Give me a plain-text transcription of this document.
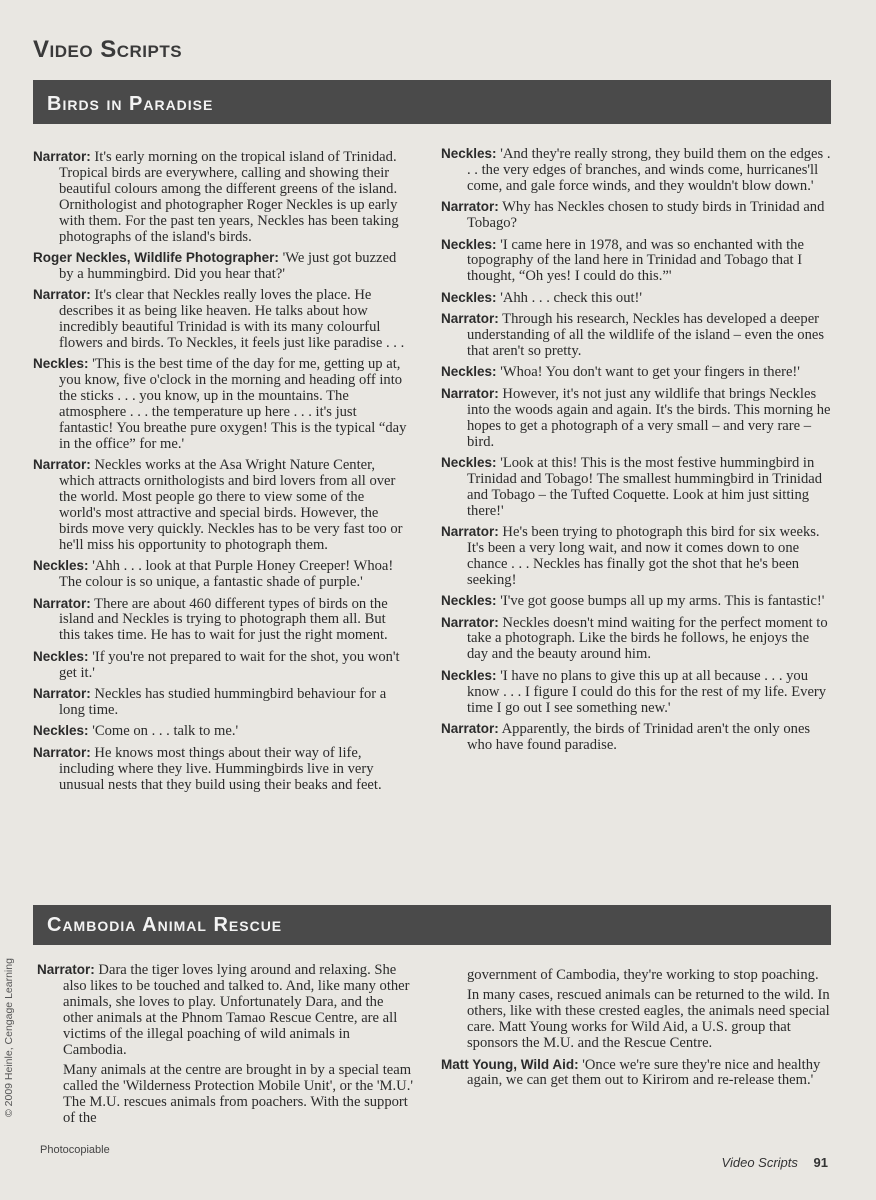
Video Scripts
Birds in Paradise

Narrator: It's early morning on the tropical island of Trinidad. Tropical birds are everywhere, calling and showing their beautiful colours among the different greens of the island. Ornithologist and photographer Roger Neckles is up early with them. For the past ten years, Neckles has been taking photographs of the island's birds.

Roger Neckles, Wildlife Photographer: 'We just got buzzed by a hummingbird. Did you hear that?'

Narrator: It's clear that Neckles really loves the place. He describes it as being like heaven. He talks about how incredibly beautiful Trinidad is with its many colourful flowers and birds. To Neckles, it feels just like paradise . . .

Neckles: 'This is the best time of the day for me, getting up at, you know, five o'clock in the morning and heading off into the sticks . . . you know, up in the mountains. The atmosphere . . . the temperature up here . . . it's just fantastic! You breathe pure oxygen! This is the typical “day in the office” for me.'

Narrator: Neckles works at the Asa Wright Nature Center, which attracts ornithologists and bird lovers from all over the world. Most people go there to view some of the world's most attractive and special birds. However, the birds move very quickly. Neckles has to be very fast too or he'll miss his opportunity to photograph them.

Neckles: 'Ahh . . . look at that Purple Honey Creeper! Whoa! The colour is so unique, a fantastic shade of purple.'

Narrator: There are about 460 different types of birds on the island and Neckles is trying to photograph them all. But this takes time. He has to wait for just the right moment.

Neckles: 'If you're not prepared to wait for the shot, you won't get it.'

Narrator: Neckles has studied hummingbird behaviour for a long time.

Neckles: 'Come on . . . talk to me.'

Narrator: He knows most things about their way of life, including where they live. Hummingbirds live in very unusual nests that they build using their beaks and feet.

Neckles: 'And they're really strong, they build them on the edges . . . the very edges of branches, and winds come, hurricanes'll come, and gale force winds, and they wouldn't blow down.'

Narrator: Why has Neckles chosen to study birds in Trinidad and Tobago?

Neckles: 'I came here in 1978, and was so enchanted with the topography of the land here in Trinidad and Tobago that I thought, “Oh yes! I could do this.”'

Neckles: 'Ahh . . . check this out!'

Narrator: Through his research, Neckles has developed a deeper understanding of all the wildlife of the island – even the ones that aren't so pretty.

Neckles: 'Whoa! You don't want to get your fingers in there!'

Narrator: However, it's not just any wildlife that brings Neckles into the woods again and again. It's the birds. This morning he hopes to get a photograph of a very small – and very rare – bird.

Neckles: 'Look at this! This is the most festive hummingbird in Trinidad and Tobago! The smallest hummingbird in Trinidad and Tobago – the Tufted Coquette. Look at him just sitting there!'

Narrator: He's been trying to photograph this bird for six weeks. It's been a very long wait, and now it comes down to one chance . . . Neckles has finally got the shot that he's been seeking!

Neckles: 'I've got goose bumps all up my arms. This is fantastic!'

Narrator: Neckles doesn't mind waiting for the perfect moment to take a photograph. Like the birds he follows, he enjoys the day and the beauty around him.

Neckles: 'I have no plans to give this up at all because . . . you know . . . I figure I could do this for the rest of my life. Every time I go out I see something new.'

Narrator: Apparently, the birds of Trinidad aren't the only ones who have found paradise.

Cambodia Animal Rescue

Narrator: Dara the tiger loves lying around and relaxing. She also likes to be touched and talked to. And, like many other animals, she loves to play. Unfortunately Dara, and the other animals at the Phnom Tamao Rescue Centre, are all victims of the illegal poaching of wild animals in Cambodia.

Many animals at the centre are brought in by a special team called the 'Wilderness Protection Mobile Unit', or the 'M.U.' The M.U. rescues animals from poachers. With the support of the

government of Cambodia, they're working to stop poaching.

In many cases, rescued animals can be returned to the wild. In others, like with these crested eagles, the animals need special care. Matt Young works for Wild Aid, a U.S. group that sponsors the M.U. and the Rescue Centre.

Matt Young, Wild Aid: 'Once we're sure they're nice and healthy again, we can get them out to Kirirom and re-release them.'

© 2009 Heinle, Cengage Learning
Photocopiable
Video Scripts 91
